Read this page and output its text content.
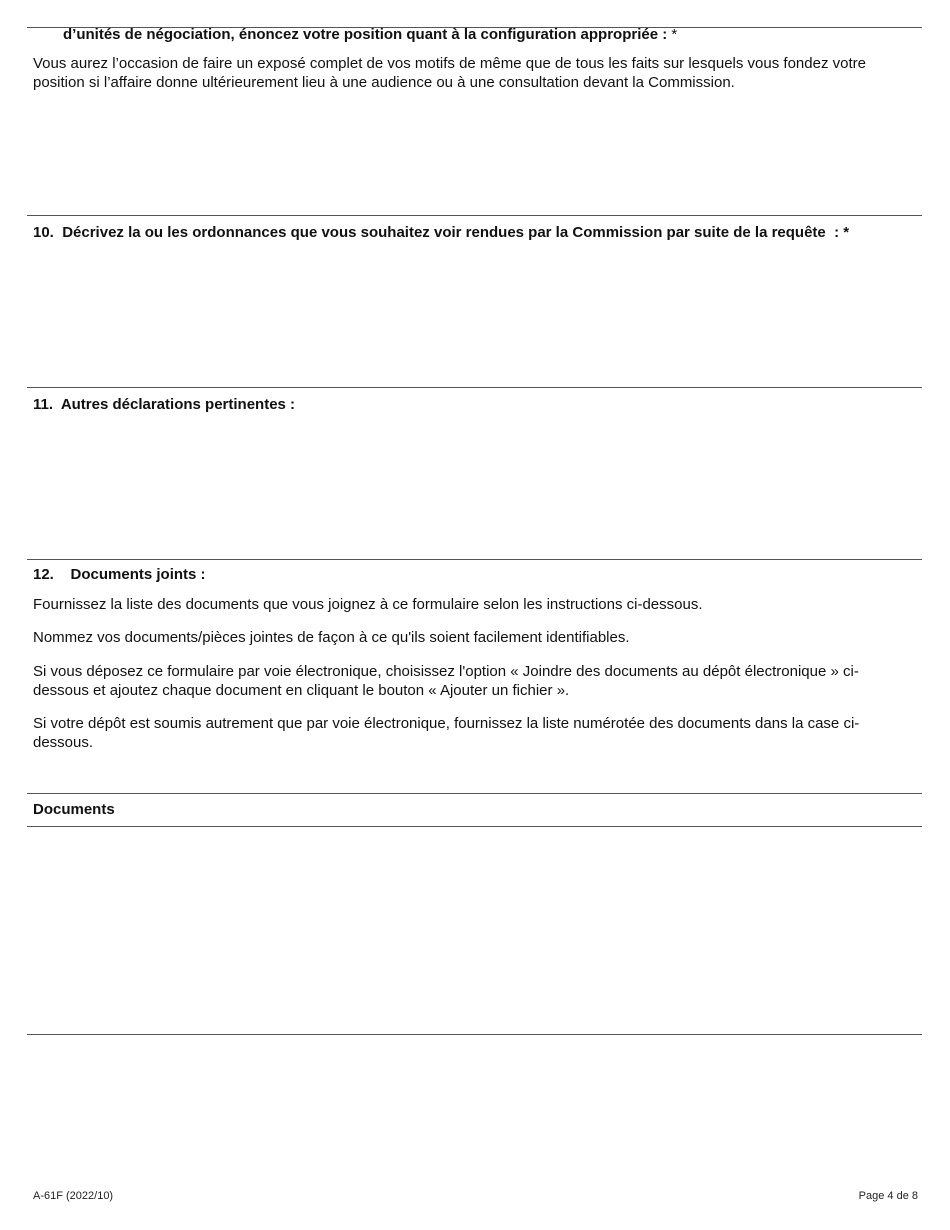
d’unités de négociation, énoncez votre position quant à la configuration appropriée : *
Vous aurez l’occasion de faire un exposé complet de vos motifs de même que de tous les faits sur lesquels vous fondez votre position si l’affaire donne ultérieurement lieu à une audience ou à une consultation devant la Commission.
10. Décrivez la ou les ordonnances que vous souhaitez voir rendues par la Commission par suite de la requête : *
11. Autres déclarations pertinentes :
12. Documents joints :
Fournissez la liste des documents que vous joignez à ce formulaire selon les instructions ci-dessous.
Nommez vos documents/pièces jointes de façon à ce qu'ils soient facilement identifiables.
Si vous déposez ce formulaire par voie électronique, choisissez l'option « Joindre des documents au dépôt électronique » ci-dessous et ajoutez chaque document en cliquant le bouton « Ajouter un fichier ».
Si votre dépôt est soumis autrement que par voie électronique, fournissez la liste numérotée des documents dans la case ci-dessous.
Documents
A-61F (2022/10)	Page 4 de 8
